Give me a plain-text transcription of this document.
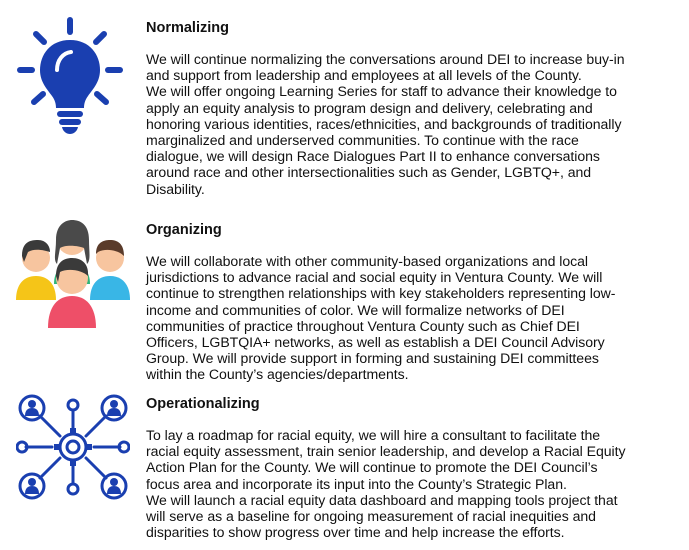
Normalizing

We will continue normalizing the conversations around DEI to increase buy-in
and support from leadership and employees at all levels of the County.
We will offer ongoing Learning Series for staff to advance their knowledge to
apply an equity analysis to program design and delivery, celebrating and
honoring various identities, races/ethnicities, and backgrounds of traditionally
marginalized and underserved communities. To continue with the race
dialogue, we will design Race Dialogues Part II to enhance conversations
around race and other intersectionalities such as Gender, LGBTQ+, and
Disability.

Organizing

We will collaborate with other community-based organizations and local
jurisdictions to advance racial and social equity in Ventura County. We will
continue to strengthen relationships with key stakeholders representing low-
income and communities of color. We will formalize networks of DEI
communities of practice throughout Ventura County such as Chief DEI
Officers, LGBTQIA+ networks, as well as establish a DEI Council Advisory
Group. We will provide support in forming and sustaining DEI committees
within the County’s agencies/departments.

Operationalizing

To lay a roadmap for racial equity, we will hire a consultant to facilitate the
racial equity assessment, train senior leadership, and develop a Racial Equity
Action Plan for the County. We will continue to promote the DEI Council’s
focus area and incorporate its input into the County’s Strategic Plan.
We will launch a racial equity data dashboard and mapping tools project that
will serve as a baseline for ongoing measurement of racial inequities and
disparities to show progress over time and help increase the efforts.
